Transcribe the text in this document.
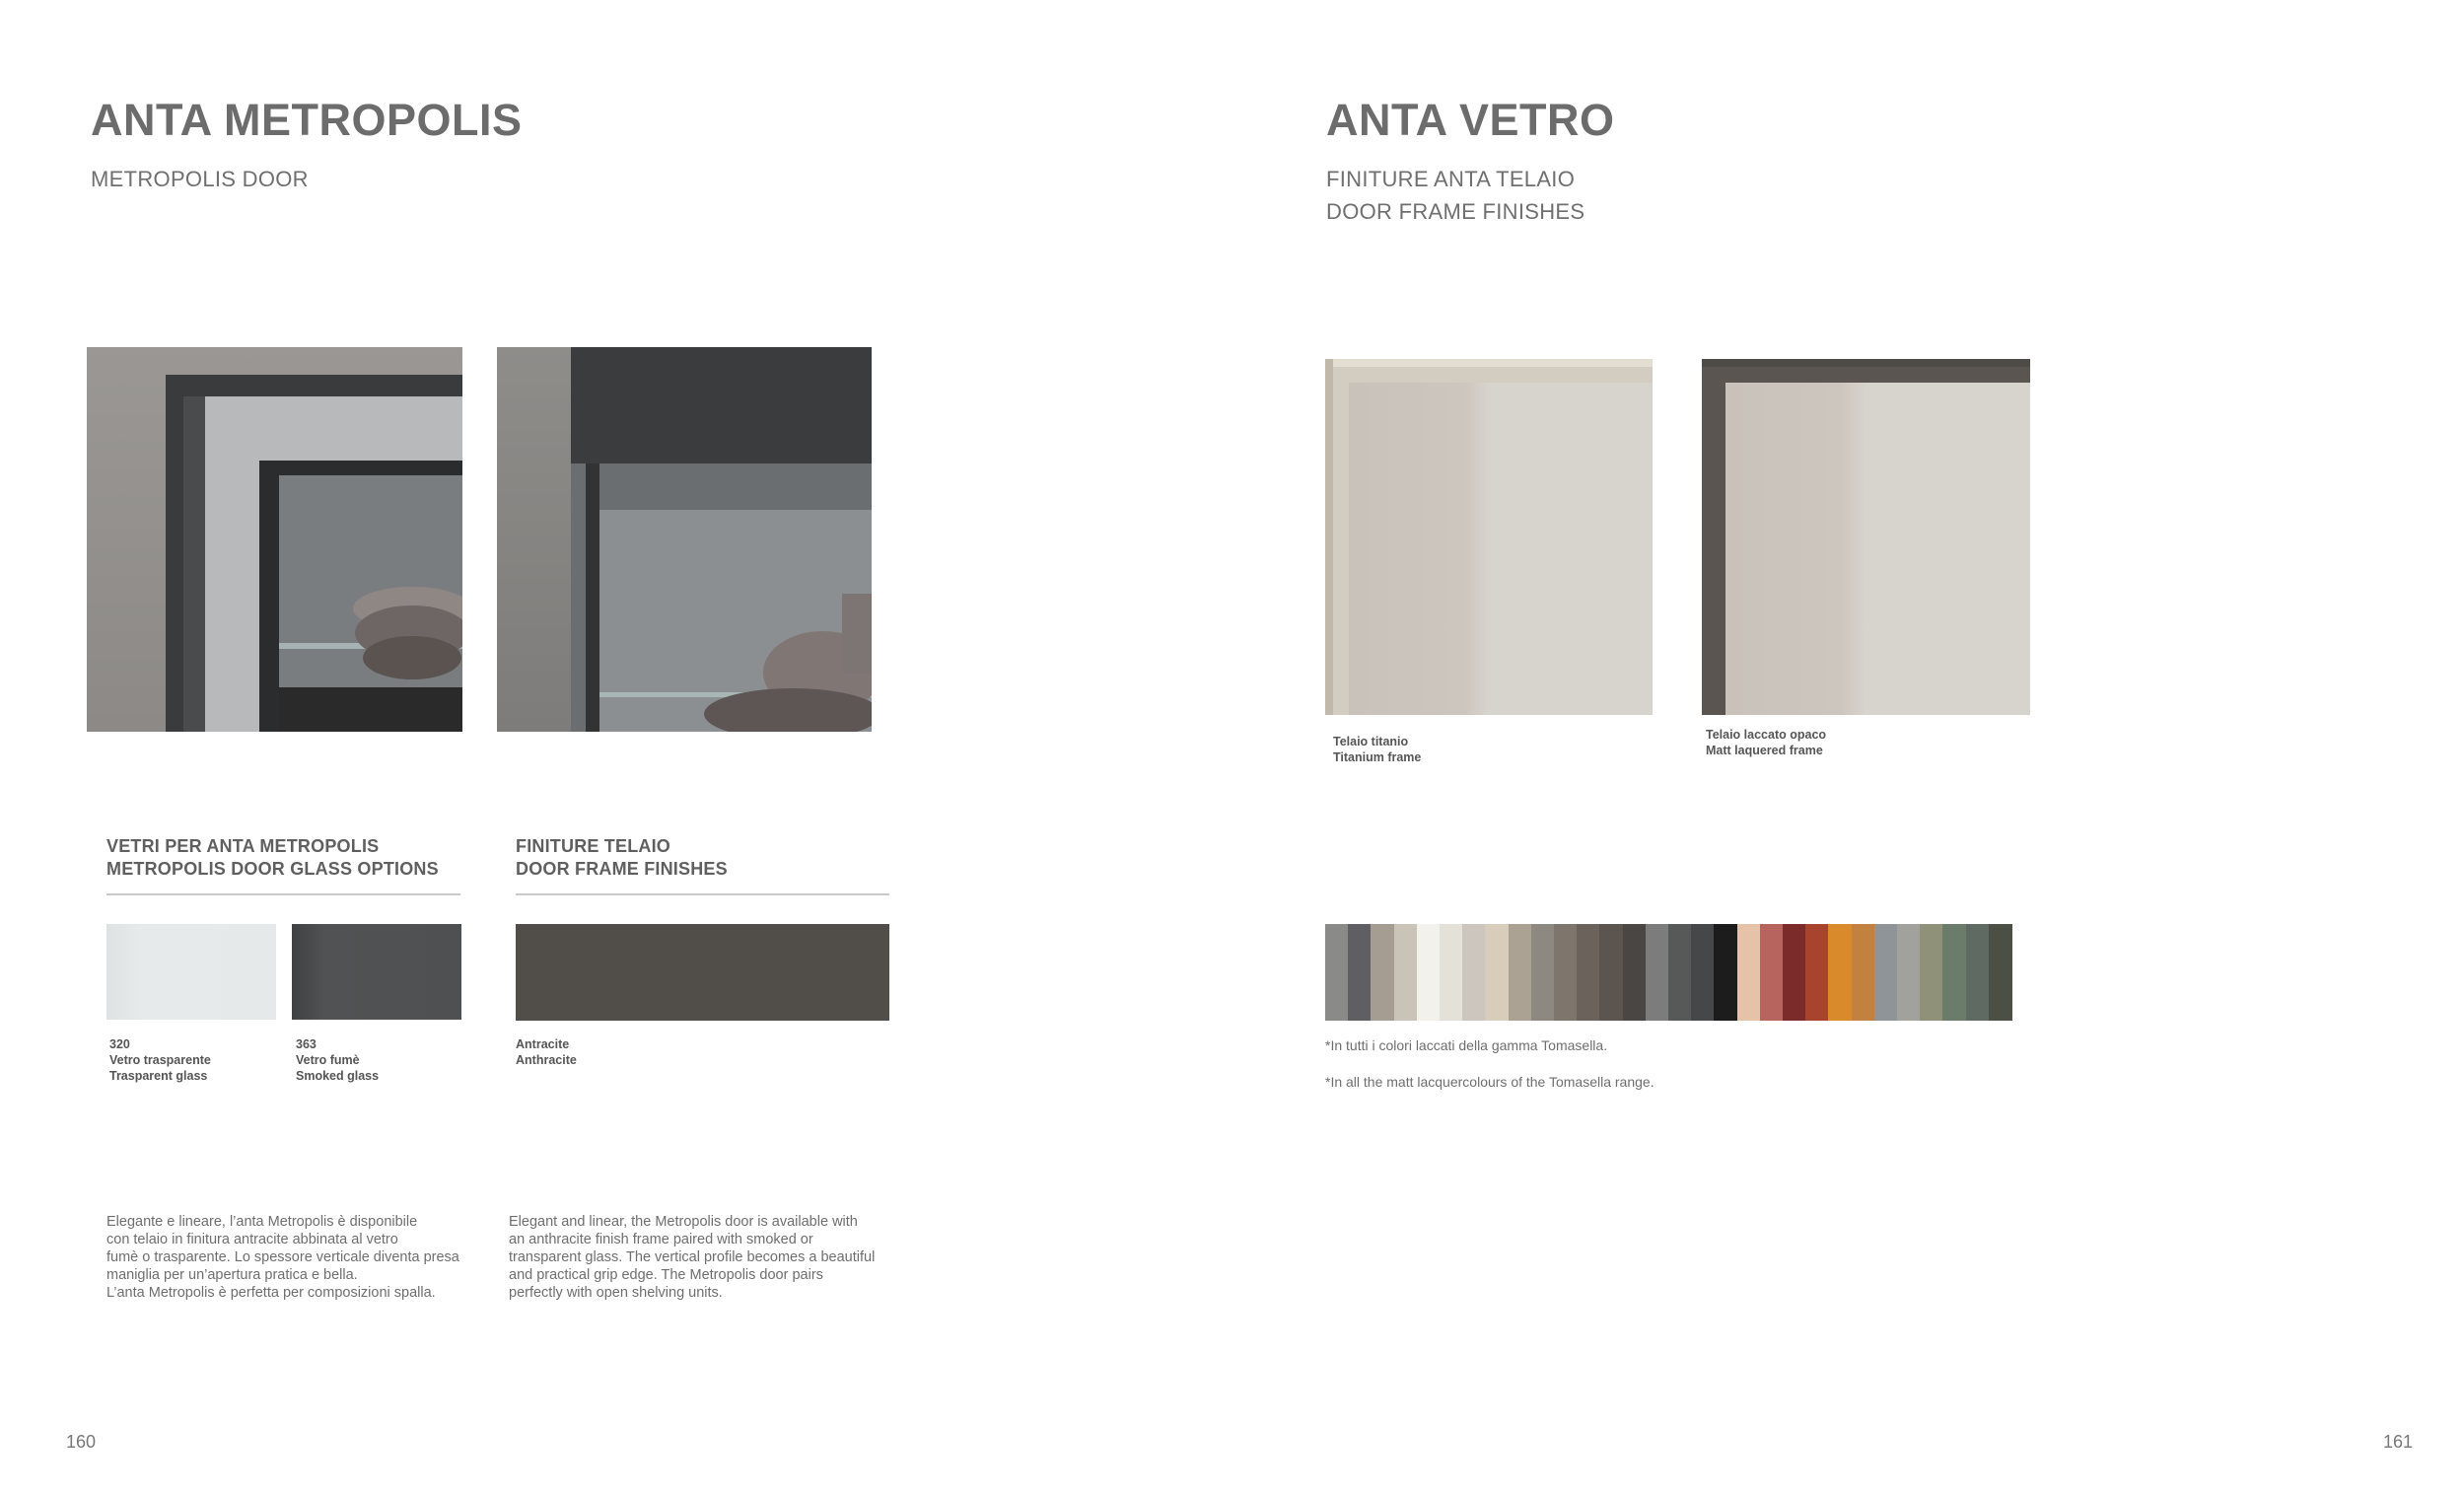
ANTA METROPOLIS
METROPOLIS DOOR
VETRI PER ANTA METROPOLIS
METROPOLIS DOOR GLASS OPTIONS
320
Vetro trasparente
Trasparent glass
363
Vetro fumè
Smoked glass
FINITURE TELAIO
DOOR FRAME FINISHES
Antracite
Anthracite
Elegante e lineare, l’anta Metropolis è disponibile
con telaio in finitura antracite abbinata al vetro
fumè o trasparente. Lo spessore verticale diventa presa
maniglia per un’apertura pratica e bella.
L’anta Metropolis è perfetta per composizioni spalla.
Elegant and linear, the Metropolis door is available with
an anthracite finish frame paired with smoked or
transparent glass. The vertical profile becomes a beautiful
and practical grip edge. The Metropolis door pairs
perfectly with open shelving units.
160
ANTA VETRO
FINITURE ANTA TELAIO
DOOR FRAME FINISHES
Telaio titanio
Titanium frame
Telaio laccato opaco
Matt laquered frame
*In tutti i colori laccati della gamma Tomasella.
*In all the matt lacquercolours of the Tomasella range.
161
